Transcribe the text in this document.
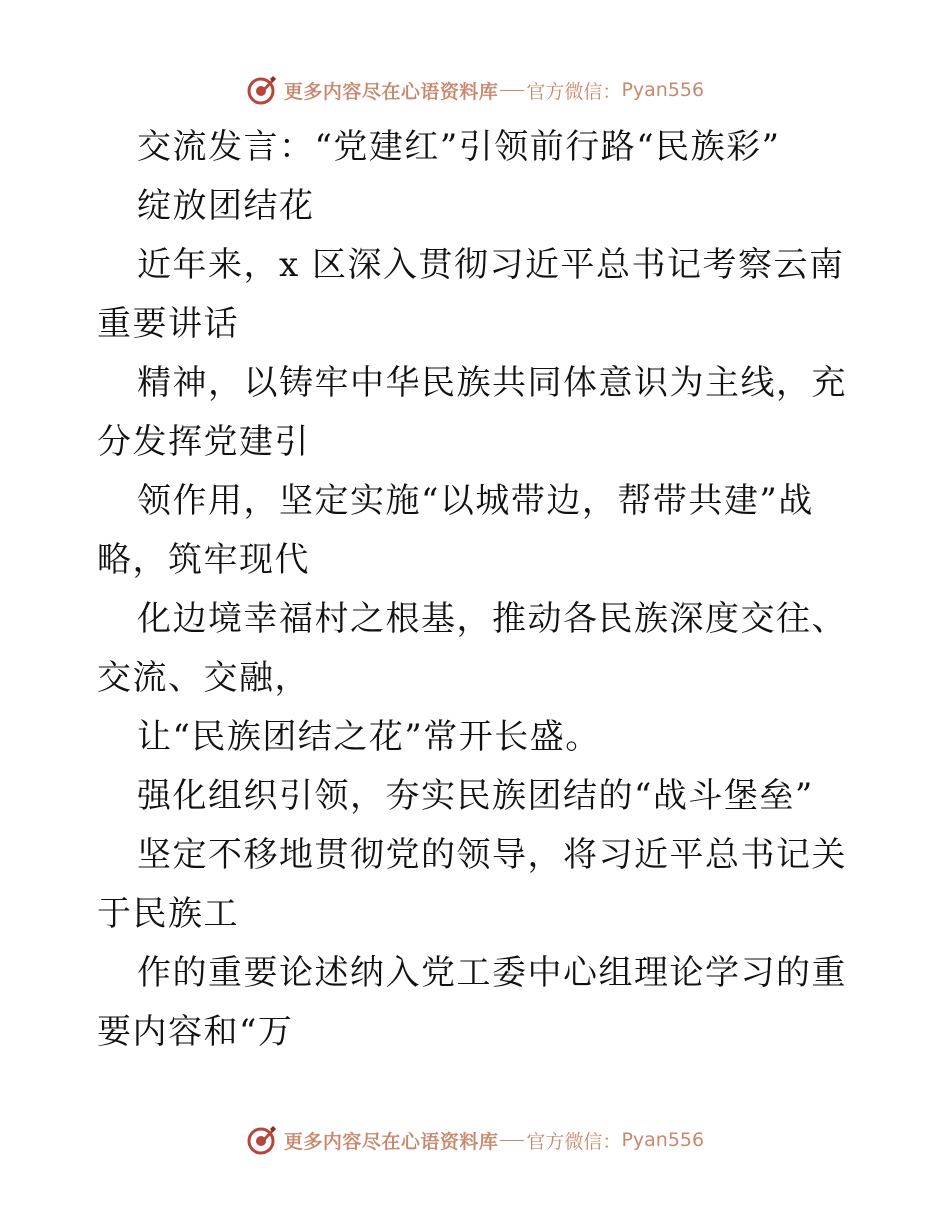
更多内容尽在心语资料库 官方微信： Pyan556

交流发言：“党建红”引领前行路“民族彩”

绽放团结花

近年来，x 区深入贯彻习近平总书记考察云南重要讲话

精神，以铸牢中华民族共同体意识为主线，充分发挥党建引

领作用，坚定实施“以城带边，帮带共建”战略，筑牢现代

化边境幸福村之根基，推动各民族深度交往、交流、交融，

让“民族团结之花”常开长盛。

强化组织引领，夯实民族团结的“战斗堡垒”

坚定不移地贯彻党的领导，将习近平总书记关于民族工

作的重要论述纳入党工委中心组理论学习的重要内容和“万

更多内容尽在心语资料库 官方微信： Pyan556
